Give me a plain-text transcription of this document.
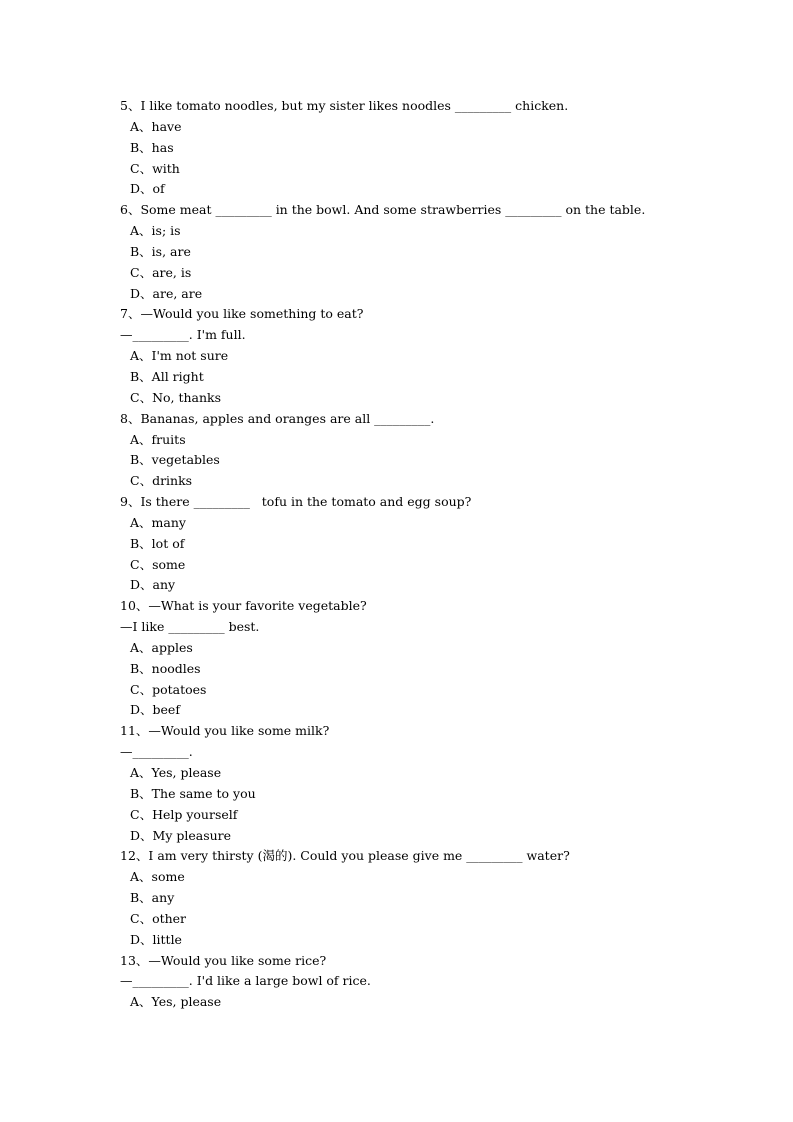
5、I like tomato noodles, but my sister likes noodles _________ chicken.
A、have
B、has
C、with
D、of
6、Some meat _________ in the bowl. And some strawberries _________ on the table.
A、is; is
B、is, are
C、are, is
D、are, are
7、—Would you like something to eat?
—_________. I'm full.
A、I'm not sure
B、All right
C、No, thanks
8、Bananas, apples and oranges are all _________.
A、fruits
B、vegetables
C、drinks
9、Is there _________   tofu in the tomato and egg soup?
A、many
B、lot of
C、some
D、any
10、—What is your favorite vegetable?
—I like _________ best.
A、apples
B、noodles
C、potatoes
D、beef
11、—Would you like some milk?
—_________.
A、Yes, please
B、The same to you
C、Help yourself
D、My pleasure
12、I am very thirsty (渴的). Could you please give me _________ water?
A、some
B、any
C、other
D、little
13、—Would you like some rice?
—_________. I'd like a large bowl of rice.
A、Yes, please
